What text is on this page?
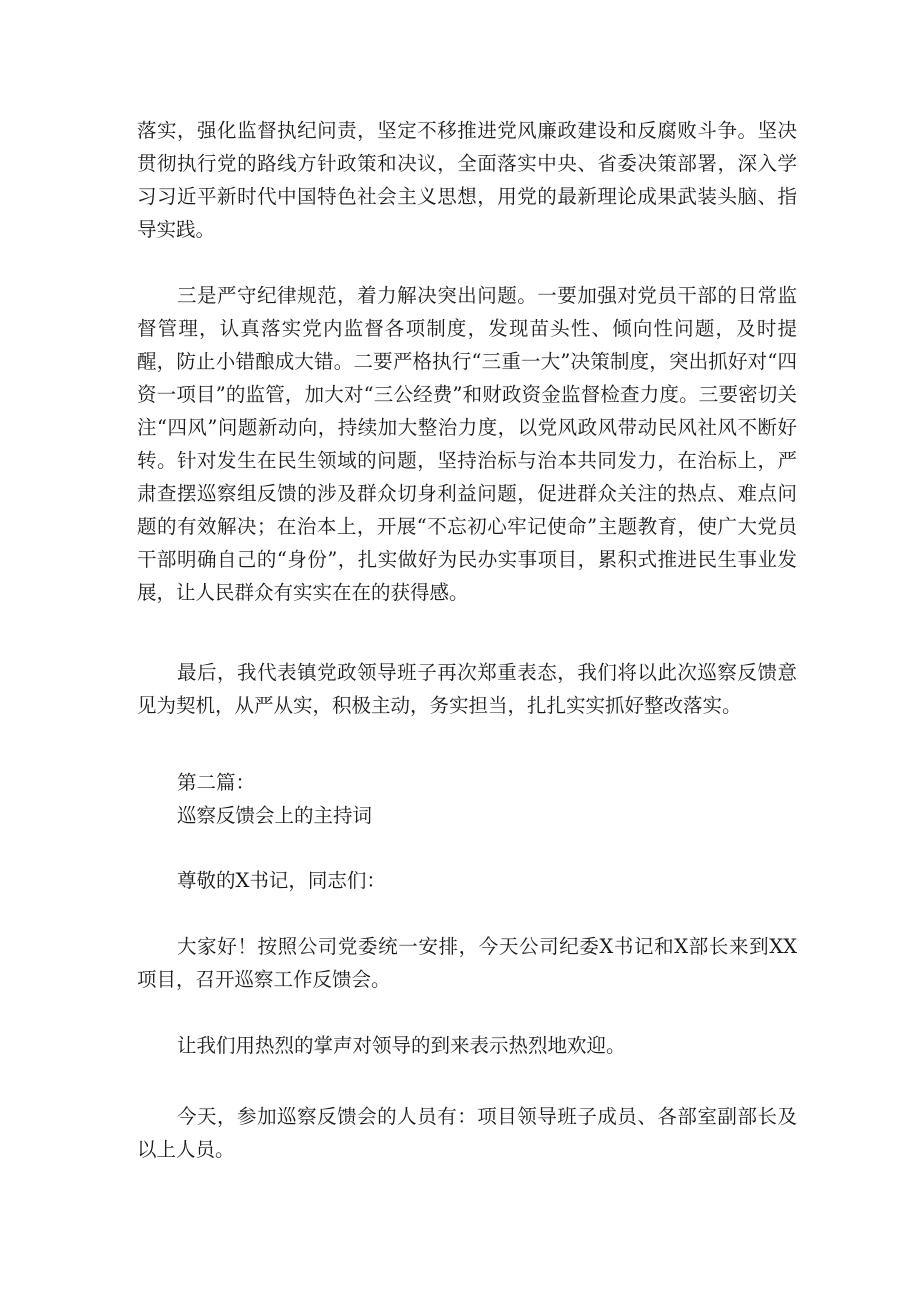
落实，强化监督执纪问责，坚定不移推进党风廉政建设和反腐败斗争。坚决贯彻执行党的路线方针政策和决议，全面落实中央、省委决策部署，深入学习习近平新时代中国特色社会主义思想，用党的最新理论成果武装头脑、指导实践。

三是严守纪律规范，着力解决突出问题。一要加强对党员干部的日常监督管理，认真落实党内监督各项制度，发现苗头性、倾向性问题，及时提醒，防止小错酿成大错。二要严格执行“三重一大”决策制度，突出抓好对“四资一项目”的监管，加大对“三公经费”和财政资金监督检查力度。三要密切关注“四风”问题新动向，持续加大整治力度，以党风政风带动民风社风不断好转。针对发生在民生领域的问题，坚持治标与治本共同发力，在治标上，严肃查摆巡察组反馈的涉及群众切身利益问题，促进群众关注的热点、难点问题的有效解决；在治本上，开展“不忘初心牢记使命”主题教育，使广大党员干部明确自己的“身份”，扎实做好为民办实事项目，累积式推进民生事业发展，让人民群众有实实在在的获得感。

最后，我代表镇党政领导班子再次郑重表态，我们将以此次巡察反馈意见为契机，从严从实，积极主动，务实担当，扎扎实实抓好整改落实。

第二篇：

巡察反馈会上的主持词

尊敬的X书记，同志们：

大家好！按照公司党委统一安排，今天公司纪委X书记和X部长来到XX项目，召开巡察工作反馈会。

让我们用热烈的掌声对领导的到来表示热烈地欢迎。

今天，参加巡察反馈会的人员有：项目领导班子成员、各部室副部长及以上人员。
